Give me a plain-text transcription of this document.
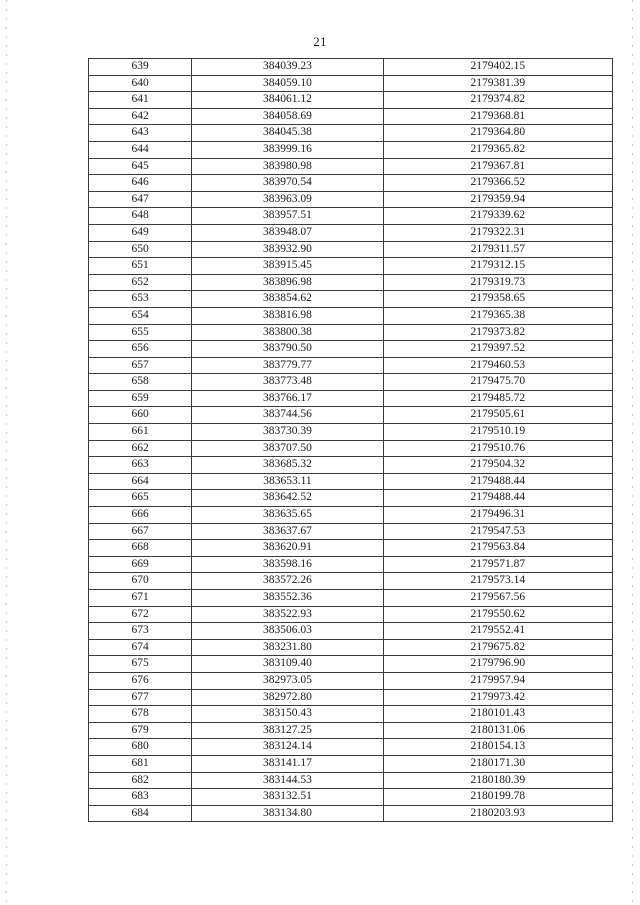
21
639	384039.23	2179402.15
640	384059.10	2179381.39
641	384061.12	2179374.82
642	384058.69	2179368.81
643	384045.38	2179364.80
644	383999.16	2179365.82
645	383980.98	2179367.81
646	383970.54	2179366.52
647	383963.09	2179359.94
648	383957.51	2179339.62
649	383948.07	2179322.31
650	383932.90	2179311.57
651	383915.45	2179312.15
652	383896.98	2179319.73
653	383854.62	2179358.65
654	383816.98	2179365.38
655	383800.38	2179373.82
656	383790.50	2179397.52
657	383779.77	2179460.53
658	383773.48	2179475.70
659	383766.17	2179485.72
660	383744.56	2179505.61
661	383730.39	2179510.19
662	383707.50	2179510.76
663	383685.32	2179504.32
664	383653.11	2179488.44
665	383642.52	2179488.44
666	383635.65	2179496.31
667	383637.67	2179547.53
668	383620.91	2179563.84
669	383598.16	2179571.87
670	383572.26	2179573.14
671	383552.36	2179567.56
672	383522.93	2179550.62
673	383506.03	2179552.41
674	383231.80	2179675.82
675	383109.40	2179796.90
676	382973.05	2179957.94
677	382972.80	2179973.42
678	383150.43	2180101.43
679	383127.25	2180131.06
680	383124.14	2180154.13
681	383141.17	2180171.30
682	383144.53	2180180.39
683	383132.51	2180199.78
684	383134.80	2180203.93
